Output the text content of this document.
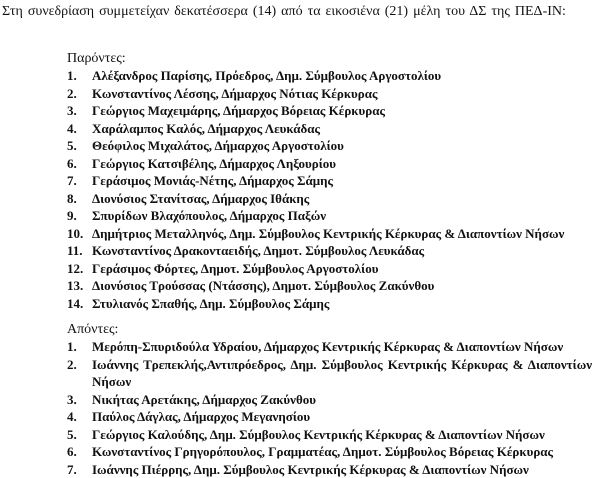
Στη συνεδρίαση συμμετείχαν δεκατέσσερα (14) από τα εικοσιένα (21) μέλη του ΔΣ της ΠΕΔ-ΙΝ:
Παρόντες:
1.	Αλέξανδρος Παρίσης, Πρόεδρος, Δημ. Σύμβουλος Αργοστολίου
2.	Κωνσταντίνος Λέσσης, Δήμαρχος Νότιας Κέρκυρας
3.	Γεώργιος Μαχειμάρης, Δήμαρχος Βόρειας Κέρκυρας
4.	Χαράλαμπος Καλός, Δήμαρχος Λευκάδας
5.	Θεόφιλος Μιχαλάτος, Δήμαρχος Αργοστολίου
6.	Γεώργιος Κατσιβέλης, Δήμαρχος Ληξουρίου
7.	Γεράσιμος Μονιάς-Νέτης, Δήμαρχος Σάμης
8.	Διονύσιος Στανίτσας, Δήμαρχος Ιθάκης
9.	Σπυρίδων Βλαχόπουλος, Δήμαρχος Παξών
10. Δημήτριος Μεταλληνός, Δημ. Σύμβουλος Κεντρικής Κέρκυρας & Διαποντίων Νήσων
11. Κωνσταντίνος Δρακονταειδής, Δημοτ. Σύμβουλος Λευκάδας
12. Γεράσιμος Φόρτες, Δημοτ. Σύμβουλος Αργοστολίου
13. Διονύσιος Τρούσσας (Ντάσσης), Δημοτ. Σύμβουλος Ζακύνθου
14. Στυλιανός Σπαθής, Δημ. Σύμβουλος Σάμης
Απόντες:
1.	Μερόπη-Σπυριδούλα Υδραίου, Δήμαρχος Κεντρικής Κέρκυρας & Διαποντίων Νήσων
2.	Ιωάννης Τρεπεκλής,Αντιπρόεδρος, Δημ. Σύμβουλος Κεντρικής Κέρκυρας & Διαποντίων Νήσων
3.	Νικήτας Αρετάκης, Δήμαρχος Ζακύνθου
4.	Παύλος Δάγλας, Δήμαρχος Μεγανησίου
5.	Γεώργιος Καλούδης, Δημ. Σύμβουλος Κεντρικής Κέρκυρας & Διαποντίων Νήσων
6.	Κωνσταντίνος Γρηγορόπουλος, Γραμματέας, Δημοτ. Σύμβουλος Βόρειας Κέρκυρας
7.	Ιωάννης Πιέρρης, Δημ. Σύμβουλος Κεντρικής Κέρκυρας & Διαποντίων Νήσων
